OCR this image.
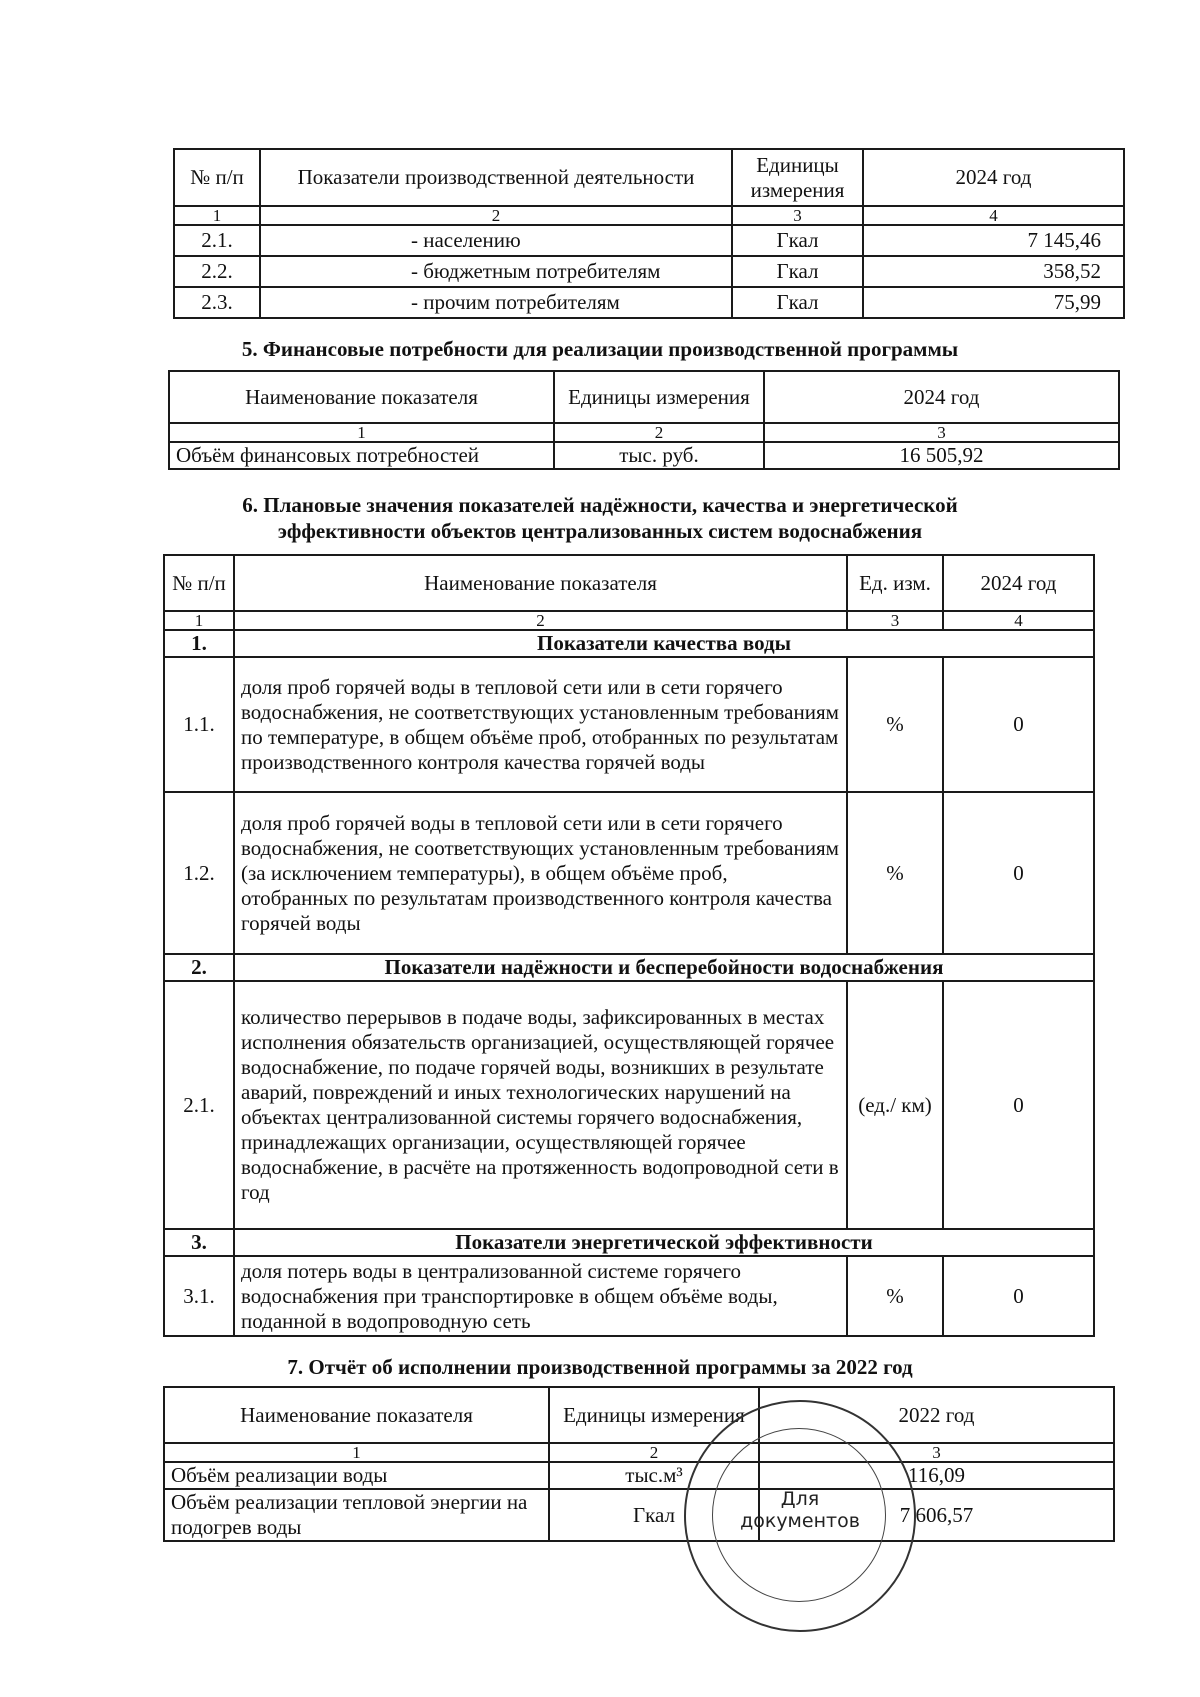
№ п/п	Показатели производственной деятельности	Единицы измерения	2024 год
1	2	3	4
2.1.	- населению	Гкал	7 145,46
2.2.	- бюджетным потребителям	Гкал	358,52
2.3.	- прочим потребителям	Гкал	75,99
5. Финансовые потребности для реализации производственной программы
Наименование показателя	Единицы измерения	2024 год
1	2	3
Объём финансовых потребностей	тыс. руб.	16 505,92
6. Плановые значения показателей надёжности, качества и энергетической
эффективности объектов централизованных систем водоснабжения
№ п/п	Наименование показателя	Ед. изм.	2024 год
1	2	3	4
1.	Показатели качества воды		
1.1.	доля проб горячей воды в тепловой сети или в сети горячего водоснабжения, не соответствующих установленным требованиям по температуре, в общем объёме проб, отобранных по результатам производственного контроля качества горячей воды	%	0
1.2.	доля проб горячей воды в тепловой сети или в сети горячего водоснабжения, не соответствующих установленным требованиям (за исключением температуры), в общем объёме проб, отобранных по результатам производственного контроля качества горячей воды	%	0
2.	Показатели надёжности и бесперебойности водоснабжения		
2.1.	количество перерывов в подаче воды, зафиксированных в местах исполнения обязательств организацией, осуществляющей горячее водоснабжение, по подаче горячей воды, возникших в результате аварий, повреждений и иных технологических нарушений на объектах централизованной системы горячего водоснабжения, принадлежащих организации, осуществляющей горячее водоснабжение, в расчёте на протяженность водопроводной сети в год	(ед./ км)	0
3.	Показатели энергетической эффективности		
3.1.	доля потерь воды в централизованной системе горячего водоснабжения при транспортировке в общем объёме воды, поданной в водопроводную сеть	%	0
7. Отчёт об исполнении производственной программы за 2022 год
Наименование показателя	Единицы измерения	2022 год
1	2	3
Объём реализации воды	тыс.м³	116,09
Объём реализации тепловой энергии на подогрев воды	Гкал	7 606,57
Для
документов
